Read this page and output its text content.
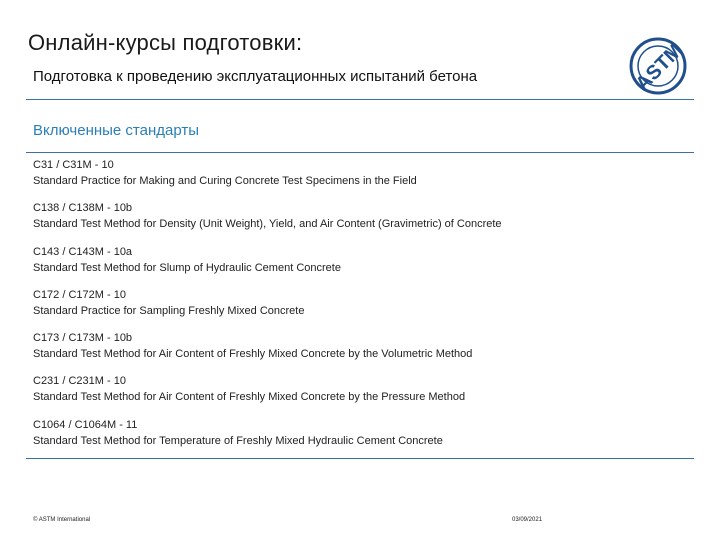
Онлайн-курсы подготовки:
Подготовка к проведению эксплуатационных испытаний бетона	ASTM
Включенные стандарты
C31 / C31M - 10
Standard Practice for Making and Curing Concrete Test Specimens in the Field
C138 / C138M - 10b
Standard Test Method for Density (Unit Weight), Yield, and Air Content (Gravimetric) of Concrete
C143 / C143M - 10a
Standard Test Method for Slump of Hydraulic Cement Concrete
C172 / C172M - 10
Standard Practice for Sampling Freshly Mixed Concrete
C173 / C173M - 10b
Standard Test Method for Air Content of Freshly Mixed Concrete by the Volumetric Method
C231 / C231M - 10
Standard Test Method for Air Content of Freshly Mixed Concrete by the Pressure Method
C1064 / C1064M - 11
Standard Test Method for Temperature of Freshly Mixed Hydraulic Cement Concrete
© ASTM International	03/09/2021
